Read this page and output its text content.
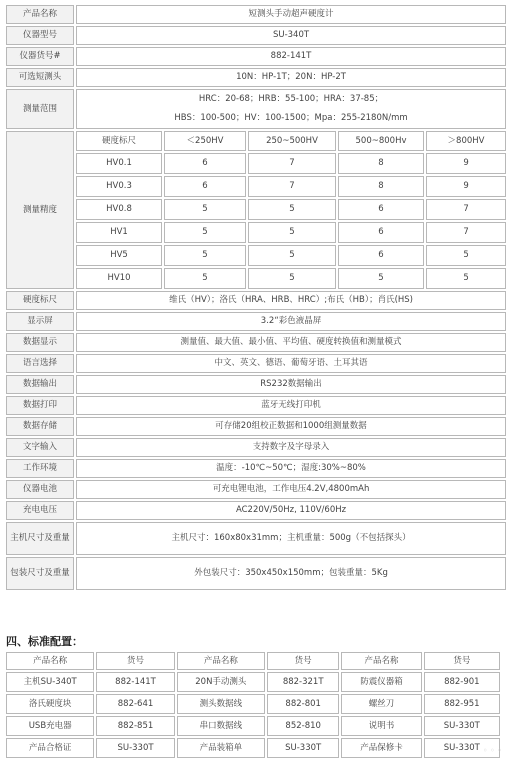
产品名称	短测头手动超声硬度计				
仪器型号	SU-340T				
仪器货号#	882-141T				
可选短测头	10N：HP-1T；20N：HP-2T				
测量范围	HRC：20-68；HRB：55-100；HRA：37-85；
HBS：100-500；HV：100-1500；Mpa：255-2180N/mm				

测量精度	硬度标尺	＜250HV	250~500HV	500~800Hv	＞800HV
	HV0.1	6	7	8	9
	HV0.3	6	7	8	9
	HV0.8	5	5	6	7
	HV1	5	5	6	7
	HV5	5	5	6	5
	HV10	5	5	5	5
硬度标尺	维氏（HV）；洛氏（HRA、HRB、HRC）;布氏（HB）；肖氏(HS)				
显示屏	3.2“彩色液晶屏				
数据显示	测量值、最大值、最小值、平均值、硬度转换值和测量模式				
语言选择	中文、英文、德语、葡萄牙语、土耳其语				
数据输出	RS232数据输出				
数据打印	蓝牙无线打印机				
数据存储	可存储20组校正数据和1000组测量数据				
文字输入	支持数字及字母录入				
工作环境	温度：-10℃~50℃；湿度:30%~80%				
仪器电池	可充电锂电池，工作电压4.2V,4800mAh				
充电电压	AC220V/50Hz, 110V/60Hz				
主机尺寸及重量	主机尺寸：160x80x31mm；主机重量：500g（不包括探头）				
包装尺寸及重量	外包装尺寸：350x450x150mm；包装重量：5Kg				
四、标准配置：
产品名称	货号	产品名称	货号	产品名称	货号
主机SU-340T	882-141T	20N手动测头	882-321T	防震仪器箱	882-901
洛氏硬度块	882-641	测头数据线	882-801	螺丝刀	882-951
USB充电器	882-851	串口数据线	852-810	说明书	SU-330T
产品合格证	SU-330T	产品装箱单	SU-330T	产品保修卡	SU-330T ◦ ◦ ◦
